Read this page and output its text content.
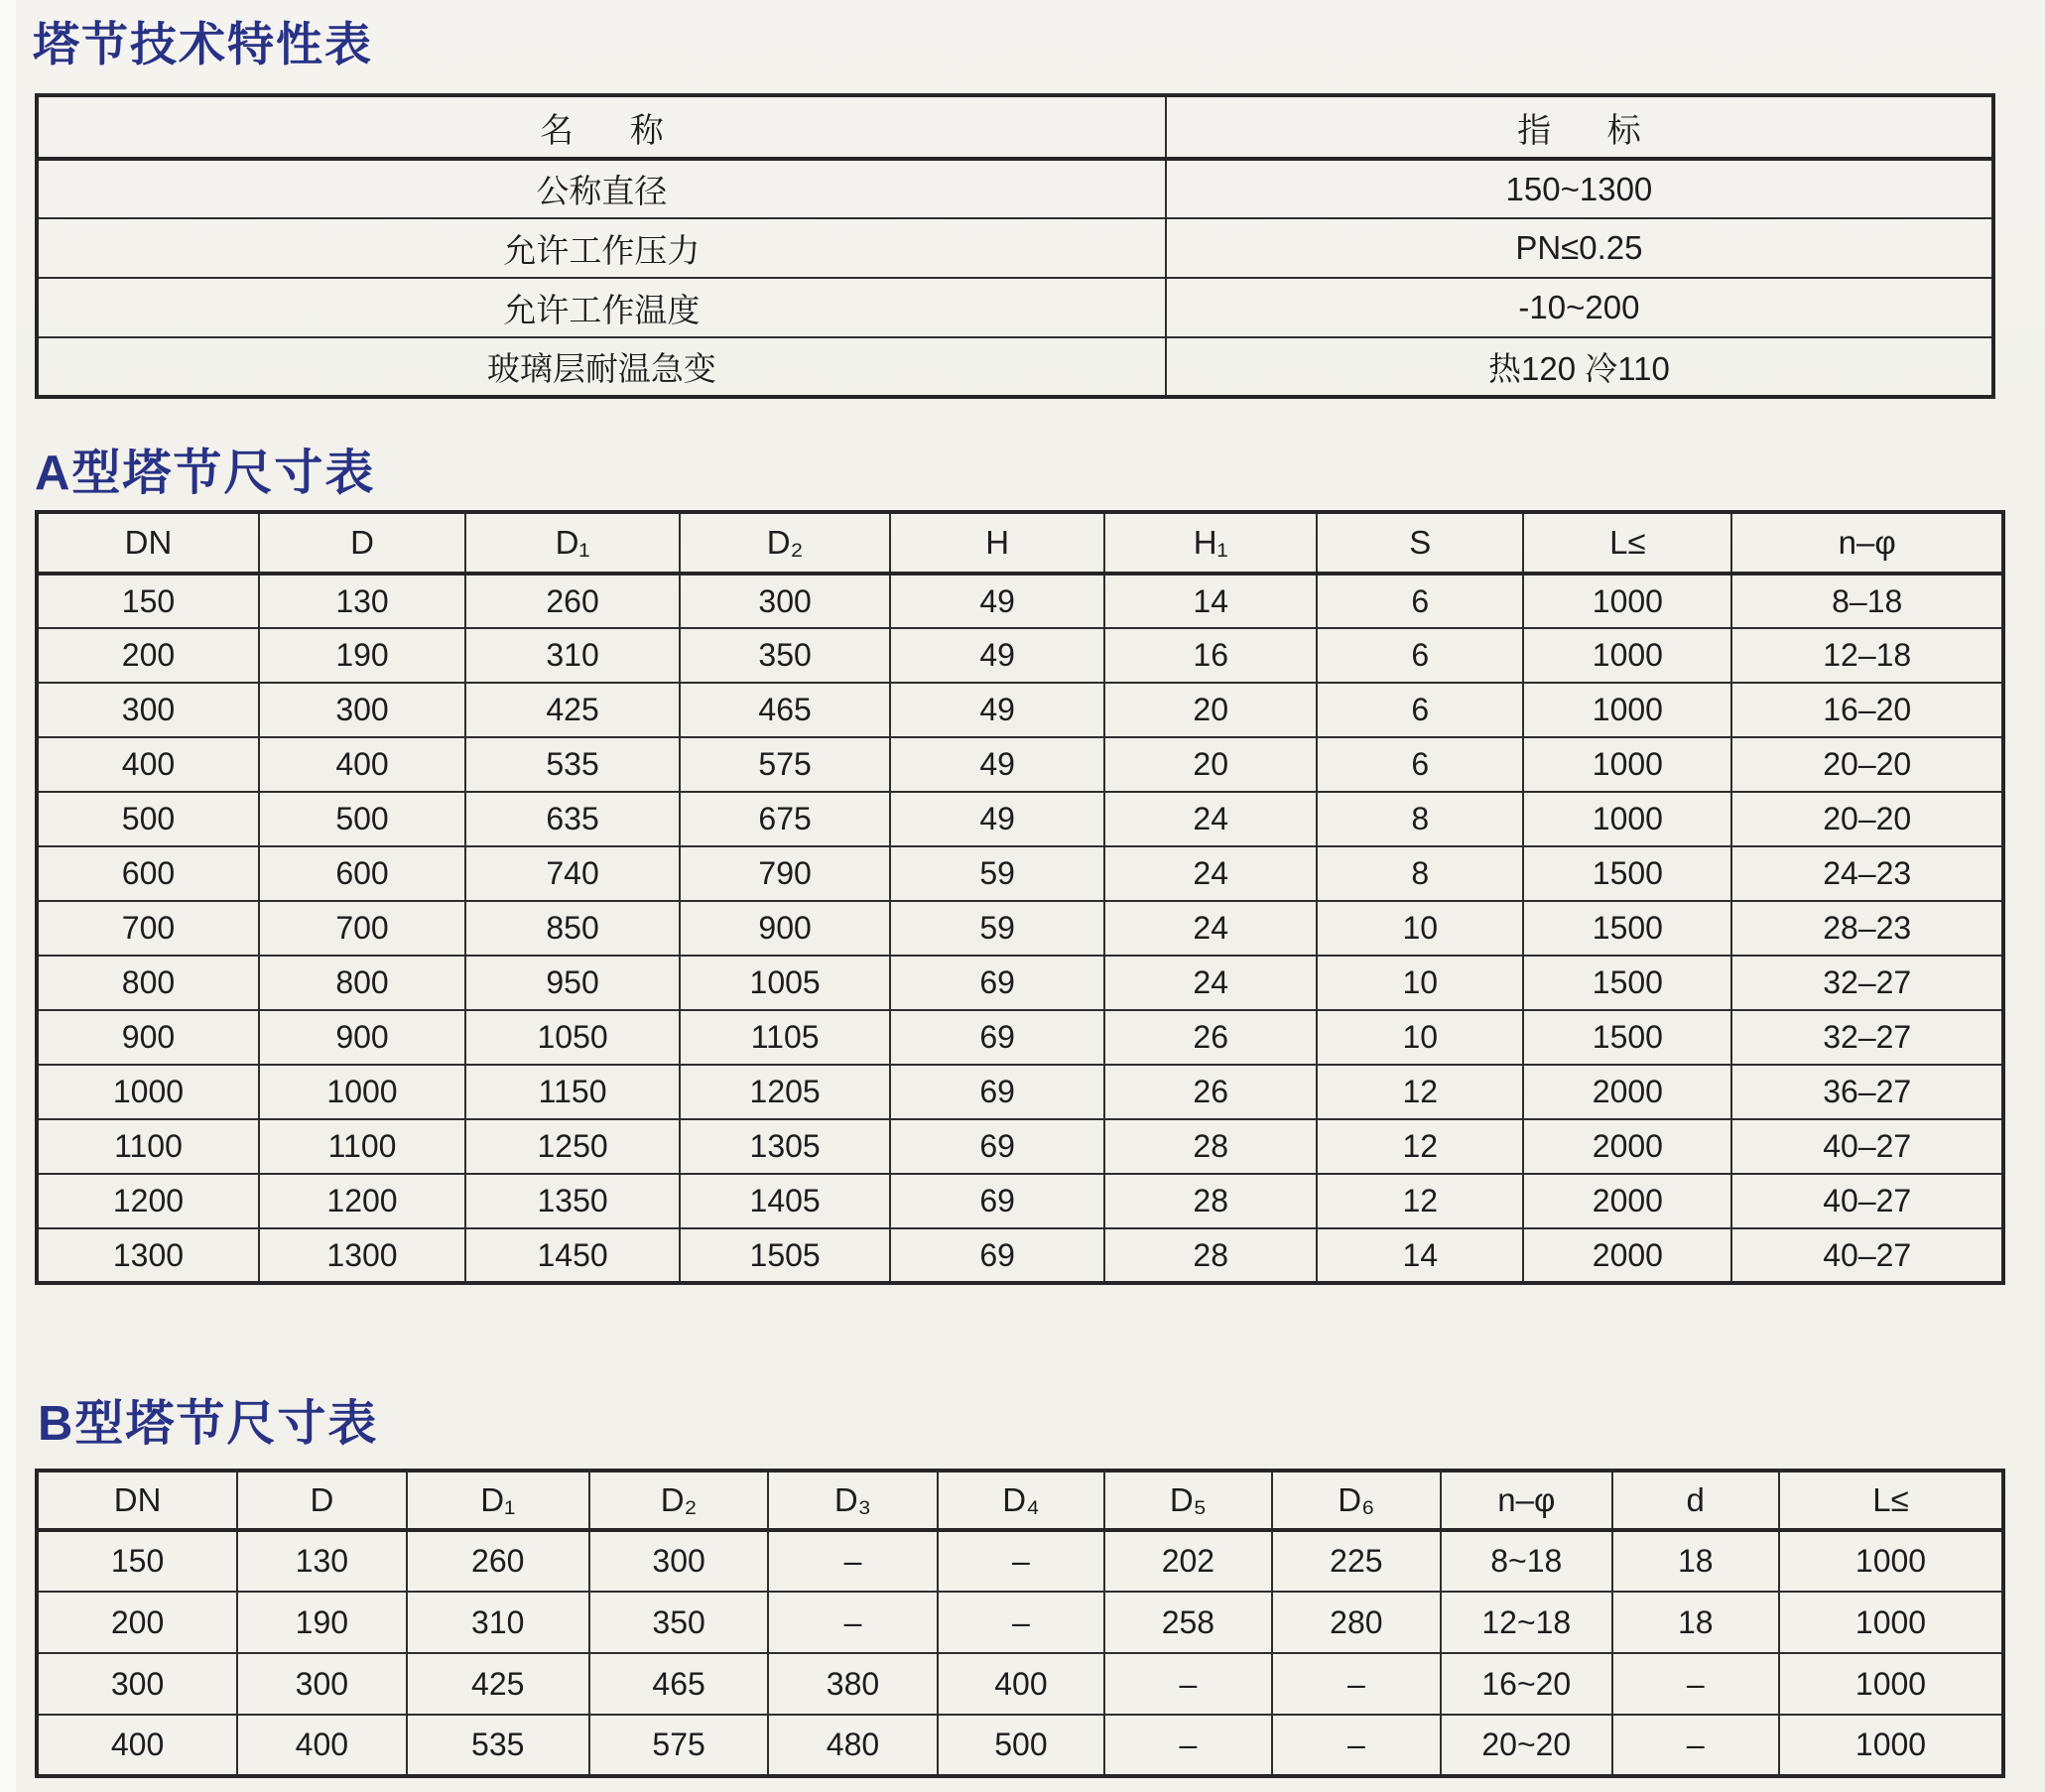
塔节技术特性表
名      称	指      标
公称直径	150~1300
允许工作压力	PN≤0.25
允许工作温度	-10~200
玻璃层耐温急变	热120 冷110
A型塔节尺寸表
DN	D	D₁	D₂	H	H₁	S	L≤	n–φ
150	130	260	300	49	14	6	1000	8–18
200	190	310	350	49	16	6	1000	12–18
300	300	425	465	49	20	6	1000	16–20
400	400	535	575	49	20	6	1000	20–20
500	500	635	675	49	24	8	1000	20–20
600	600	740	790	59	24	8	1500	24–23
700	700	850	900	59	24	10	1500	28–23
800	800	950	1005	69	24	10	1500	32–27
900	900	1050	1105	69	26	10	1500	32–27
1000	1000	1150	1205	69	26	12	2000	36–27
1100	1100	1250	1305	69	28	12	2000	40–27
1200	1200	1350	1405	69	28	12	2000	40–27
1300	1300	1450	1505	69	28	14	2000	40–27
B型塔节尺寸表
DN	D	D₁	D₂	D₃	D₄	D₅	D₆	n–φ	d	L≤
150	130	260	300	–	–	202	225	8~18	18	1000
200	190	310	350	–	–	258	280	12~18	18	1000
300	300	425	465	380	400	–	–	16~20	–	1000
400	400	535	575	480	500	–	–	20~20	–	1000
